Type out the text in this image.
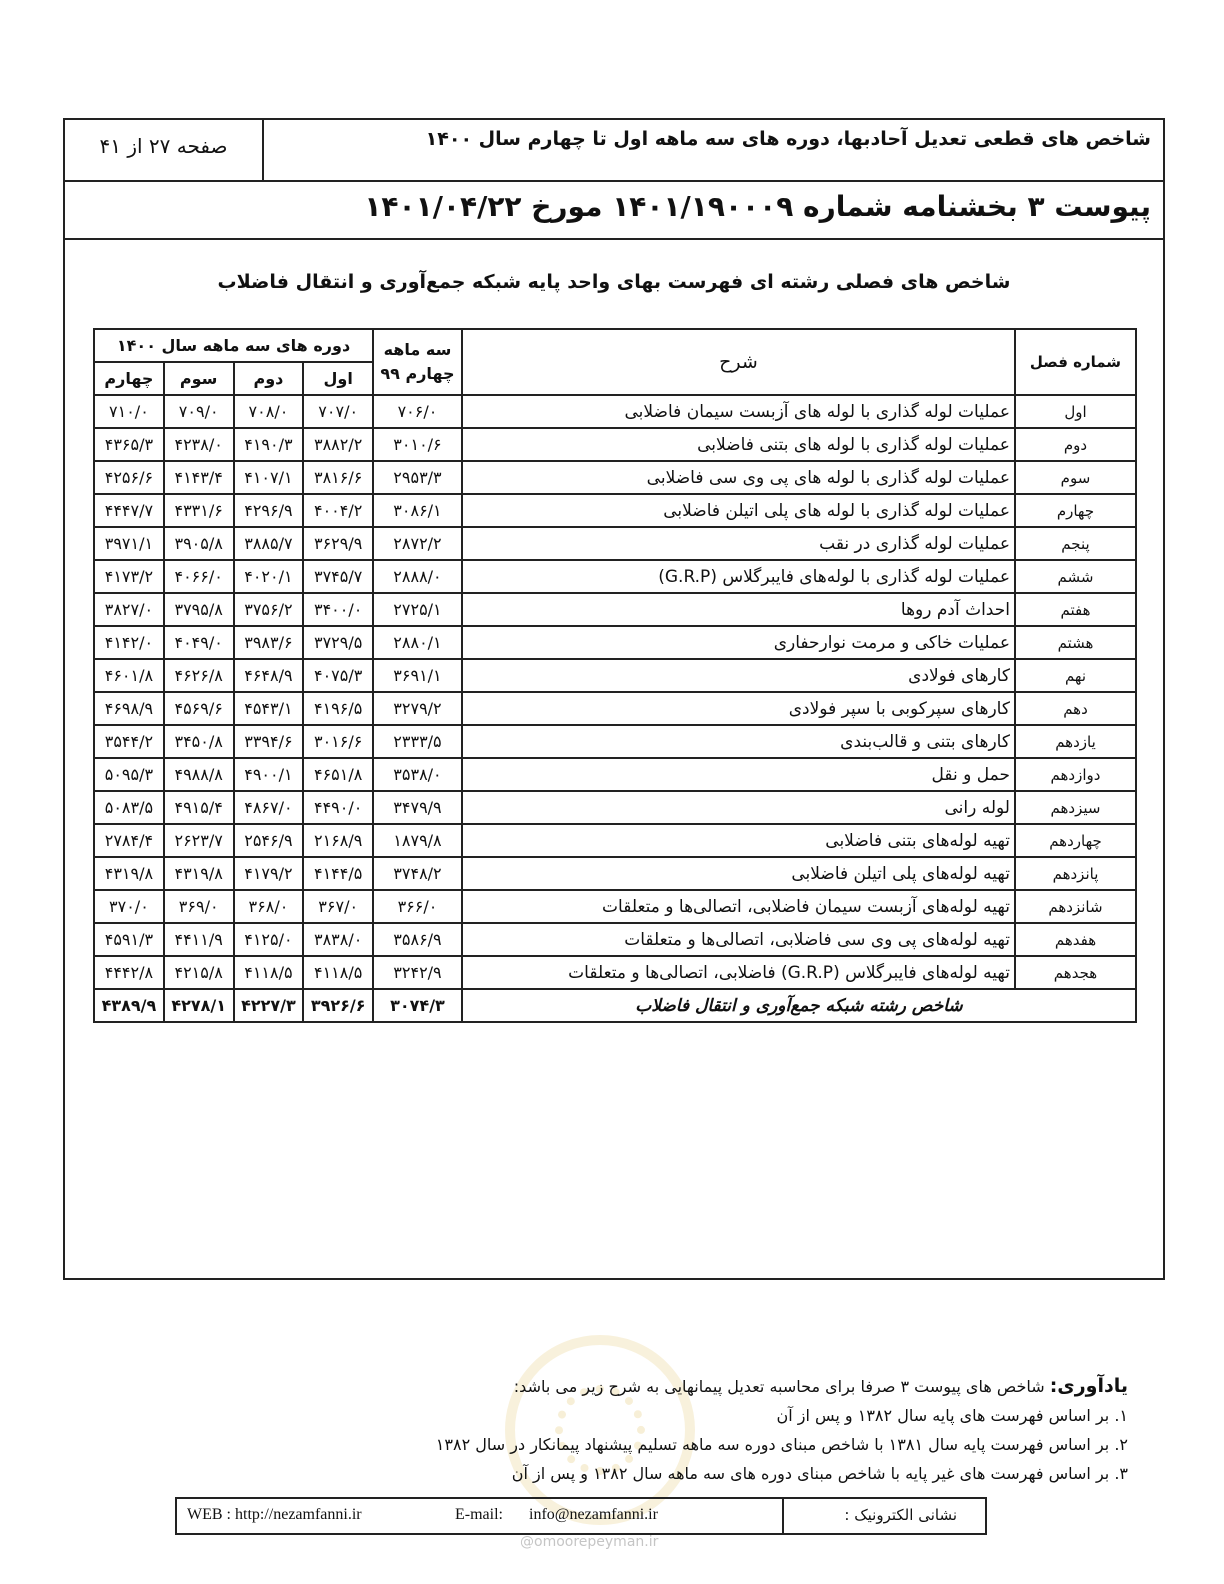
صفحه ۲۷ از ۴۱	شاخص های قطعی تعدیل آحادبها، دوره های سه ماهه اول تا چهارم سال ۱۴۰۰
پیوست ۳ بخشنامه شماره ۱۴۰۱/۱۹۰۰۰۹ مورخ ۱۴۰۱/۰۴/۲۲
شاخص های فصلی رشته ای فهرست بهای واحد پایه شبکه جمع‌آوری و انتقال فاضلاب
شماره فصل	شرح	سه ماهه چهارم ۹۹	دوره های سه ماهه سال ۱۴۰۰			
			اول	دوم	سوم	چهارم
اول	عملیات لوله گذاری با لوله های آزبست سیمان فاضلابی	۷۰۶/۰	۷۰۷/۰	۷۰۸/۰	۷۰۹/۰	۷۱۰/۰
دوم	عملیات لوله گذاری با لوله های بتنی فاضلابی	۳۰۱۰/۶	۳۸۸۲/۲	۴۱۹۰/۳	۴۲۳۸/۰	۴۳۶۵/۳
سوم	عملیات لوله گذاری با لوله های پی وی سی فاضلابی	۲۹۵۳/۳	۳۸۱۶/۶	۴۱۰۷/۱	۴۱۴۳/۴	۴۲۵۶/۶
چهارم	عملیات لوله گذاری با لوله های پلی اتیلن فاضلابی	۳۰۸۶/۱	۴۰۰۴/۲	۴۲۹۶/۹	۴۳۳۱/۶	۴۴۴۷/۷
پنجم	عملیات لوله گذاری در نقب	۲۸۷۲/۲	۳۶۲۹/۹	۳۸۸۵/۷	۳۹۰۵/۸	۳۹۷۱/۱
ششم	عملیات لوله گذاری با لوله‌های فایبرگلاس (G.R.P)	۲۸۸۸/۰	۳۷۴۵/۷	۴۰۲۰/۱	۴۰۶۶/۰	۴۱۷۳/۲
هفتم	احداث آدم روها	۲۷۲۵/۱	۳۴۰۰/۰	۳۷۵۶/۲	۳۷۹۵/۸	۳۸۲۷/۰
هشتم	عملیات خاکی و مرمت نوارحفاری	۲۸۸۰/۱	۳۷۲۹/۵	۳۹۸۳/۶	۴۰۴۹/۰	۴۱۴۲/۰
نهم	کارهای فولادی	۳۶۹۱/۱	۴۰۷۵/۳	۴۶۴۸/۹	۴۶۲۶/۸	۴۶۰۱/۸
دهم	کارهای سپرکوبی با سپر فولادی	۳۲۷۹/۲	۴۱۹۶/۵	۴۵۴۳/۱	۴۵۶۹/۶	۴۶۹۸/۹
یازدهم	کارهای بتنی و قالب‌بندی	۲۳۳۳/۵	۳۰۱۶/۶	۳۳۹۴/۶	۳۴۵۰/۸	۳۵۴۴/۲
دوازدهم	حمل و نقل	۳۵۳۸/۰	۴۶۵۱/۸	۴۹۰۰/۱	۴۹۸۸/۸	۵۰۹۵/۳
سیزدهم	لوله رانی	۳۴۷۹/۹	۴۴۹۰/۰	۴۸۶۷/۰	۴۹۱۵/۴	۵۰۸۳/۵
چهاردهم	تهیه لوله‌های بتنی فاضلابی	۱۸۷۹/۸	۲۱۶۸/۹	۲۵۴۶/۹	۲۶۲۳/۷	۲۷۸۴/۴
پانزدهم	تهیه لوله‌های پلی اتیلن فاضلابی	۳۷۴۸/۲	۴۱۴۴/۵	۴۱۷۹/۲	۴۳۱۹/۸	۴۳۱۹/۸
شانزدهم	تهیه لوله‌های آزبست سیمان فاضلابی، اتصالی‌ها و متعلقات	۳۶۶/۰	۳۶۷/۰	۳۶۸/۰	۳۶۹/۰	۳۷۰/۰
هفدهم	تهیه لوله‌های پی وی سی فاضلابی، اتصالی‌ها و متعلقات	۳۵۸۶/۹	۳۸۳۸/۰	۴۱۲۵/۰	۴۴۱۱/۹	۴۵۹۱/۳
هجدهم	تهیه لوله‌های فایبرگلاس (G.R.P) فاضلابی، اتصالی‌ها و متعلقات	۳۲۴۲/۹	۴۱۱۸/۵	۴۱۱۸/۵	۴۲۱۵/۸	۴۴۴۲/۸
شاخص رشته شبکه جمع‌آوری و انتقال فاضلاب		۳۰۷۴/۳	۳۹۲۶/۶	۴۲۲۷/۳	۴۲۷۸/۱	۴۳۸۹/۹
یادآوری: شاخص های پیوست ۳ صرفا برای محاسبه تعدیل پیمانهایی به شرح زیر می باشد:
۱. بر اساس فهرست های پایه سال ۱۳۸۲ و پس از آن
۲. بر اساس فهرست پایه سال ۱۳۸۱ با شاخص مبنای دوره سه ماهه تسلیم پیشنهاد پیمانکار در سال ۱۳۸۲
۳. بر اساس فهرست های غیر پایه با شاخص مبنای دوره های سه ماهه سال ۱۳۸۲ و پس از آن
WEB : http://nezamfanni.ir	E-mail: info@nezamfanni.ir	نشانی الکترونیک :
@omoorepeyman.ir
